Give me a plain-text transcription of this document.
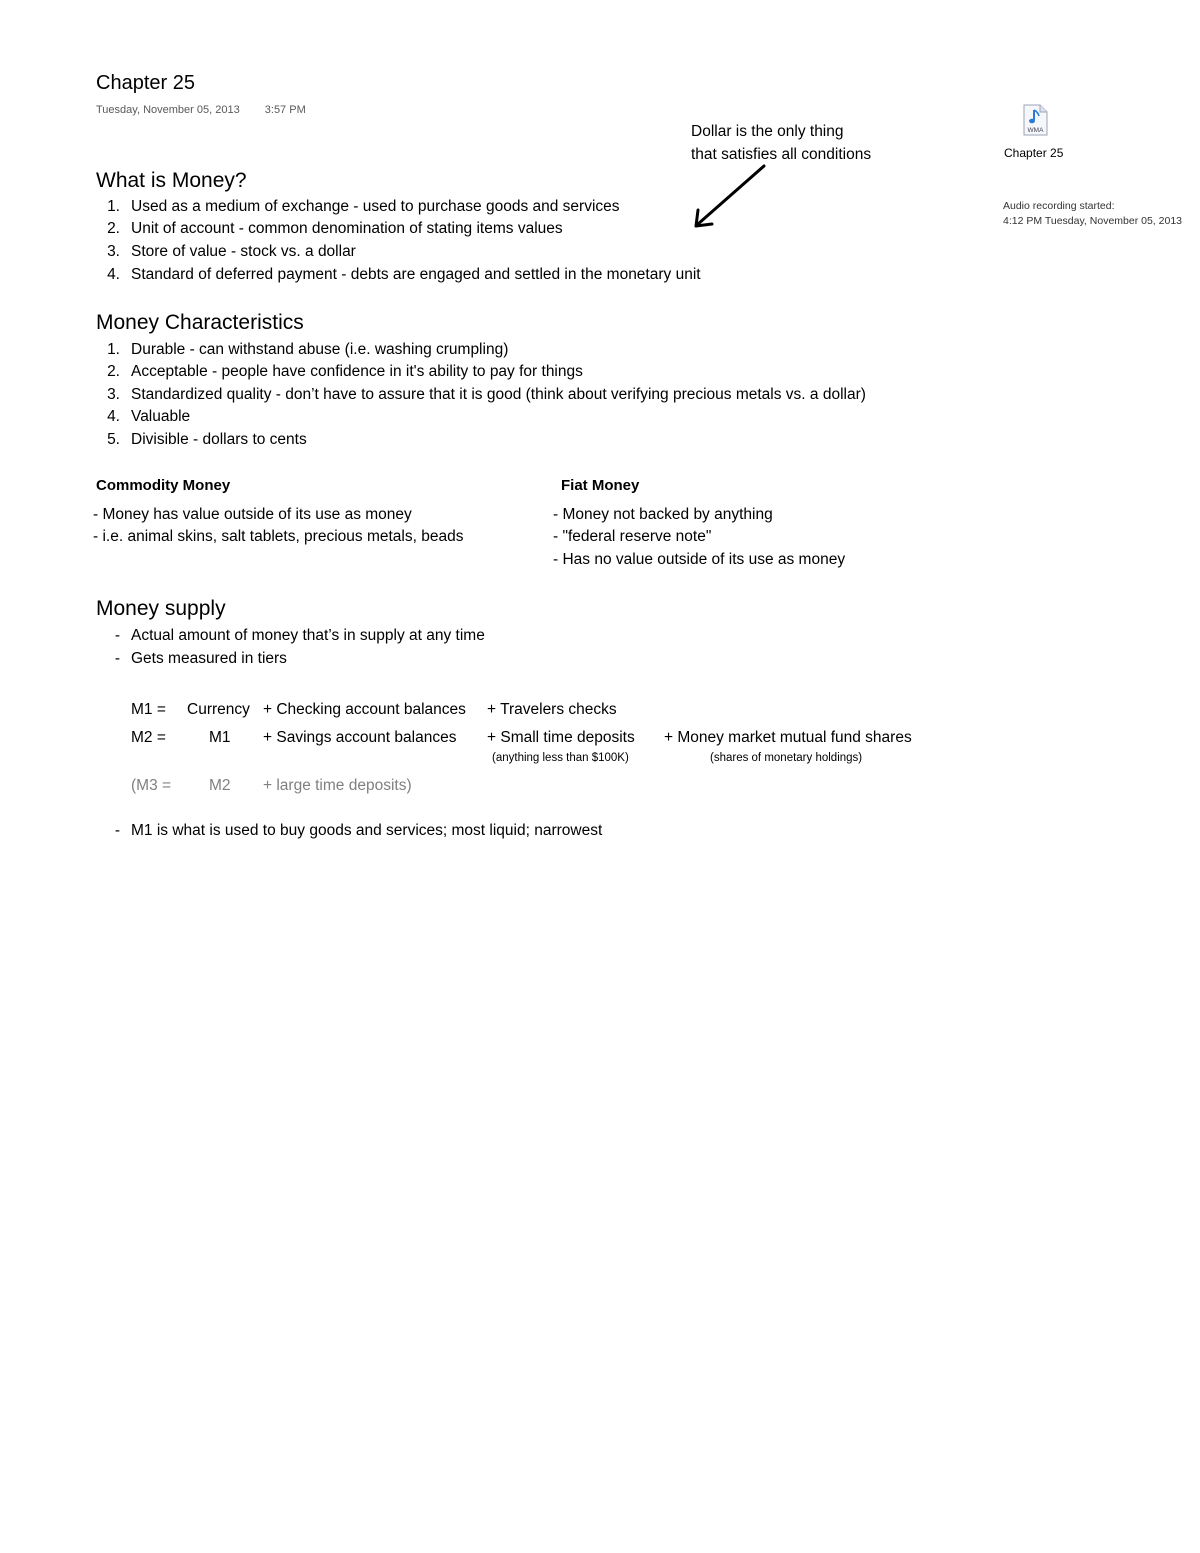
Chapter 25
Tuesday, November 05, 2013 3:57 PM
Dollar is the only thing
that satisfies all conditions
WMA
Chapter 25
Audio recording started:
4:12 PM Tuesday, November 05, 2013
What is Money?
1. Used as a medium of exchange - used to purchase goods and services
2. Unit of account - common denomination of stating items values
3. Store of value - stock vs. a dollar
4. Standard of deferred payment - debts are engaged and settled in the monetary unit
Money Characteristics
1. Durable - can withstand abuse (i.e. washing crumpling)
2. Acceptable - people have confidence in it's ability to pay for things
3. Standardized quality - don’t have to assure that it is good (think about verifying precious metals vs. a dollar)
4. Valuable
5. Divisible - dollars to cents
Commodity Money
- Money has value outside of its use as money
- i.e. animal skins, salt tablets, precious metals, beads
Fiat Money
- Money not backed by anything
- "federal reserve note"
- Has no value outside of its use as money
Money supply
- Actual amount of money that’s in supply at any time
- Gets measured in tiers
M1 = Currency + Checking account balances + Travelers checks
M2 =	M1 + Savings account balances + Small time deposits + Money market mutual fund shares
(anything less than $100K)	(shares of monetary holdings)
(M3 = M2 + large time deposits)
- M1 is what is used to buy goods and services; most liquid; narrowest
